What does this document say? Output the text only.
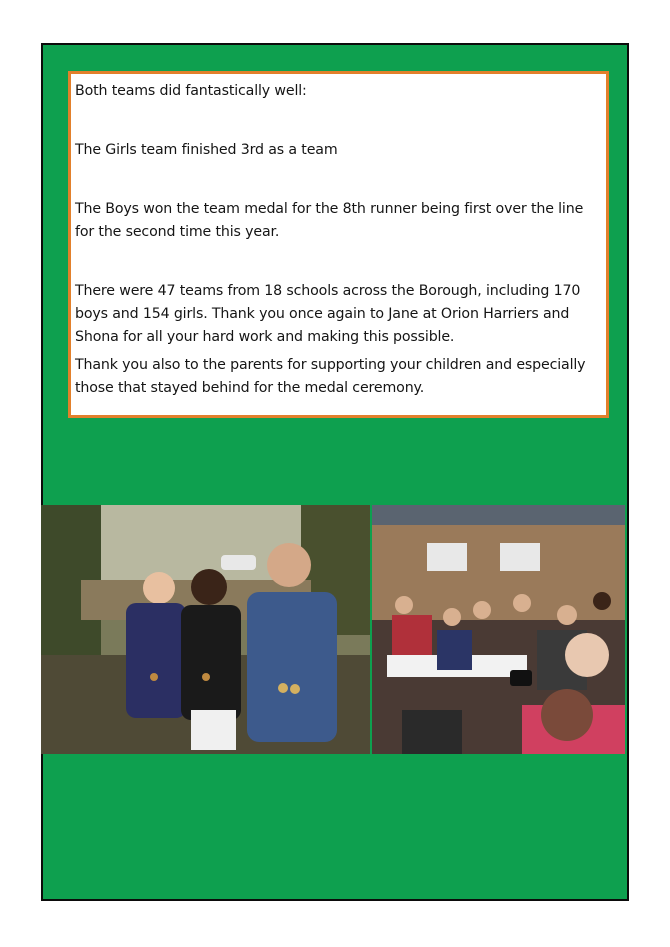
Both teams did fantastically well:

The Girls team finished 3rd as a team

The Boys won the team medal for the 8th runner being first over the line for the second time this year.

There were 47 teams from 18 schools across the Borough, including 170 boys and 154 girls. Thank you once again to Jane at Orion Harriers and Shona for all your hard work and making this possible.

Thank you also to the parents for supporting your children and especially those that stayed behind for the medal ceremony.
